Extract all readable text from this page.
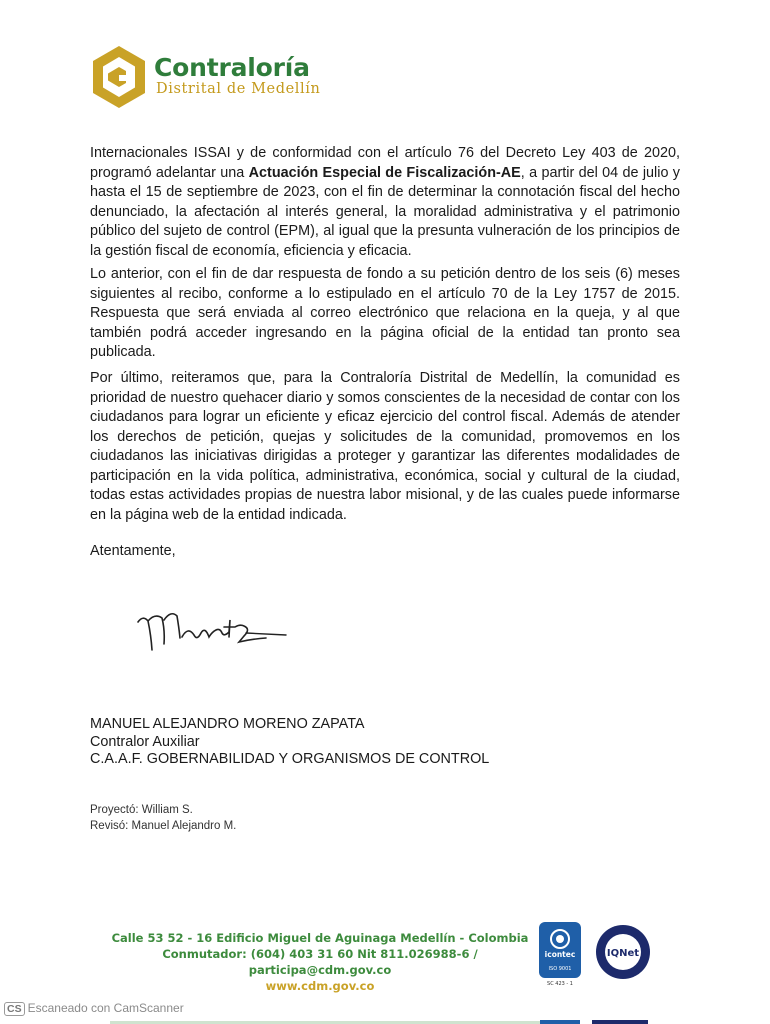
Contraloría
Distrital de Medellín

Internacionales ISSAI y de conformidad con el artículo 76 del Decreto Ley 403 de 2020, programó adelantar una Actuación Especial de Fiscalización-AE, a partir del 04 de julio y hasta el 15 de septiembre de 2023, con el fin de determinar la connotación fiscal del hecho denunciado, la afectación al interés general, la moralidad administrativa y el patrimonio público del sujeto de control (EPM), al igual que la presunta vulneración de los principios de la gestión fiscal de economía, eficiencia y eficacia.

Lo anterior, con el fin de dar respuesta de fondo a su petición dentro de los seis (6) meses siguientes al recibo, conforme a lo estipulado en el artículo 70 de la Ley 1757 de 2015. Respuesta que será enviada al correo electrónico que relaciona en la queja, y al que también podrá acceder ingresando en la página oficial de la entidad tan pronto sea publicada.

Por último, reiteramos que, para la Contraloría Distrital de Medellín, la comunidad es prioridad de nuestro quehacer diario y somos conscientes de la necesidad de contar con los ciudadanos para lograr un eficiente y eficaz ejercicio del control fiscal. Además de atender los derechos de petición, quejas y solicitudes de la comunidad, promovemos en los ciudadanos las iniciativas dirigidas a proteger y garantizar las diferentes modalidades de participación en la vida política, administrativa, económica, social y cultural de la ciudad, todas estas actividades propias de nuestra labor misional, y de las cuales puede informarse en la página web de la entidad indicada.

Atentamente,
MANUEL ALEJANDRO MORENO ZAPATA
Contralor Auxiliar
C.A.A.F. GOBERNABILIDAD Y ORGANISMOS DE CONTROL
Proyectó: William S.
Revisó: Manuel Alejandro M.
Calle 53 52 - 16 Edificio Miguel de Aguinaga Medellín - Colombia
Conmutador: (604) 403 31 60 Nit 811.026988-6 / participa@cdm.gov.co
www.cdm.gov.co
icontec
ISO 9001
SC 423 - 1
IQNet
CS Escaneado con CamScanner
